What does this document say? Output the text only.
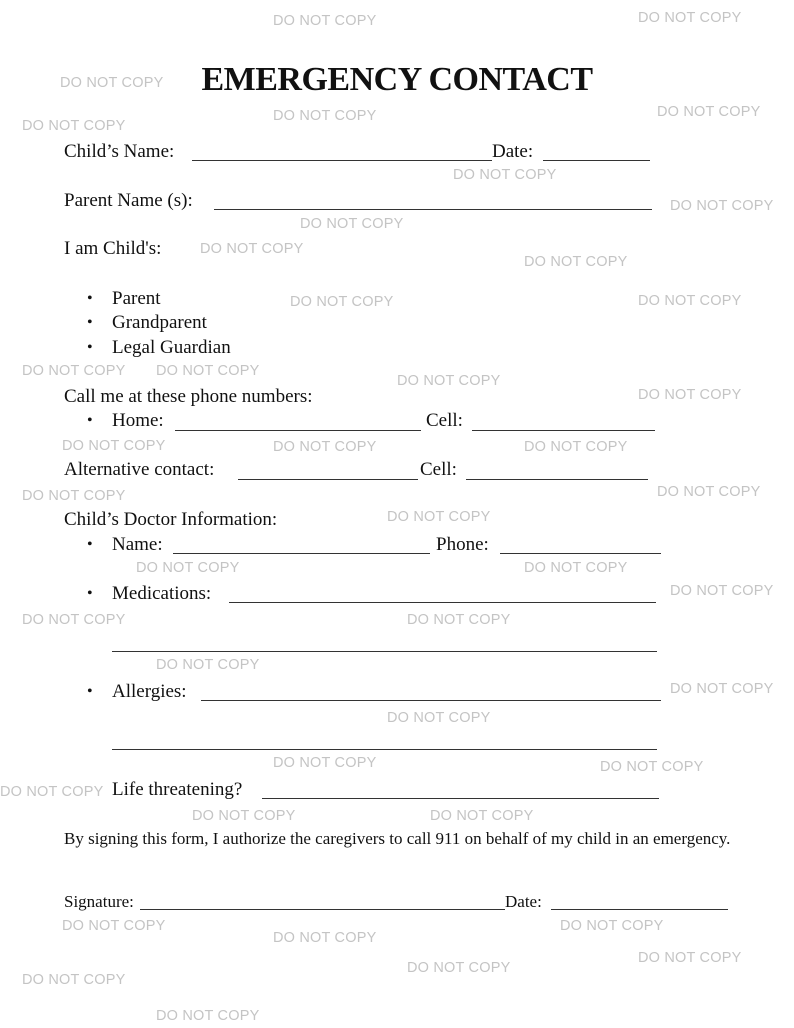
EMERGENCY CONTACT
Child’s Name:	Date:
Parent Name (s):
I am Child's:
• Parent
• Grandparent
• Legal Guardian
Call me at these phone numbers:
• Home:	Cell:
Alternative contact:	Cell:
Child’s Doctor Information:
• Name:	Phone:
• Medications:
• Allergies:
Life threatening?
By signing this form, I authorize the caregivers to call 911 on behalf of my child in an emergency.
Signature:	Date:
DO NOT COPY	DO NOT COPY
DO NOT COPY
DO NOT COPY	DO NOT COPY
DO NOT COPY
DO NOT COPY
DO NOT COPY
DO NOT COPY
DO NOT COPY
DO NOT COPY
DO NOT COPY	DO NOT COPY
DO NOT COPY DO NOT COPY
DO NOT COPY
DO NOT COPY
DO NOT COPY	DO NOT COPY
DO NOT COPY
DO NOT COPY
DO NOT COPY
DO NOT COPY
DO NOT COPY
DO NOT COPY
DO NOT COPY
DO NOT COPY
DO NOT COPY
DO NOT COPY
DO NOT COPY
DO NOT COPY
DO NOT COPY	DO NOT COPY
DO NOT COPY
DO NOT COPY	DO NOT COPY
DO NOT COPY	DO NOT COPY
DO NOT COPY
DO NOT COPY
DO NOT COPY
DO NOT COPY
DO NOT COPY
